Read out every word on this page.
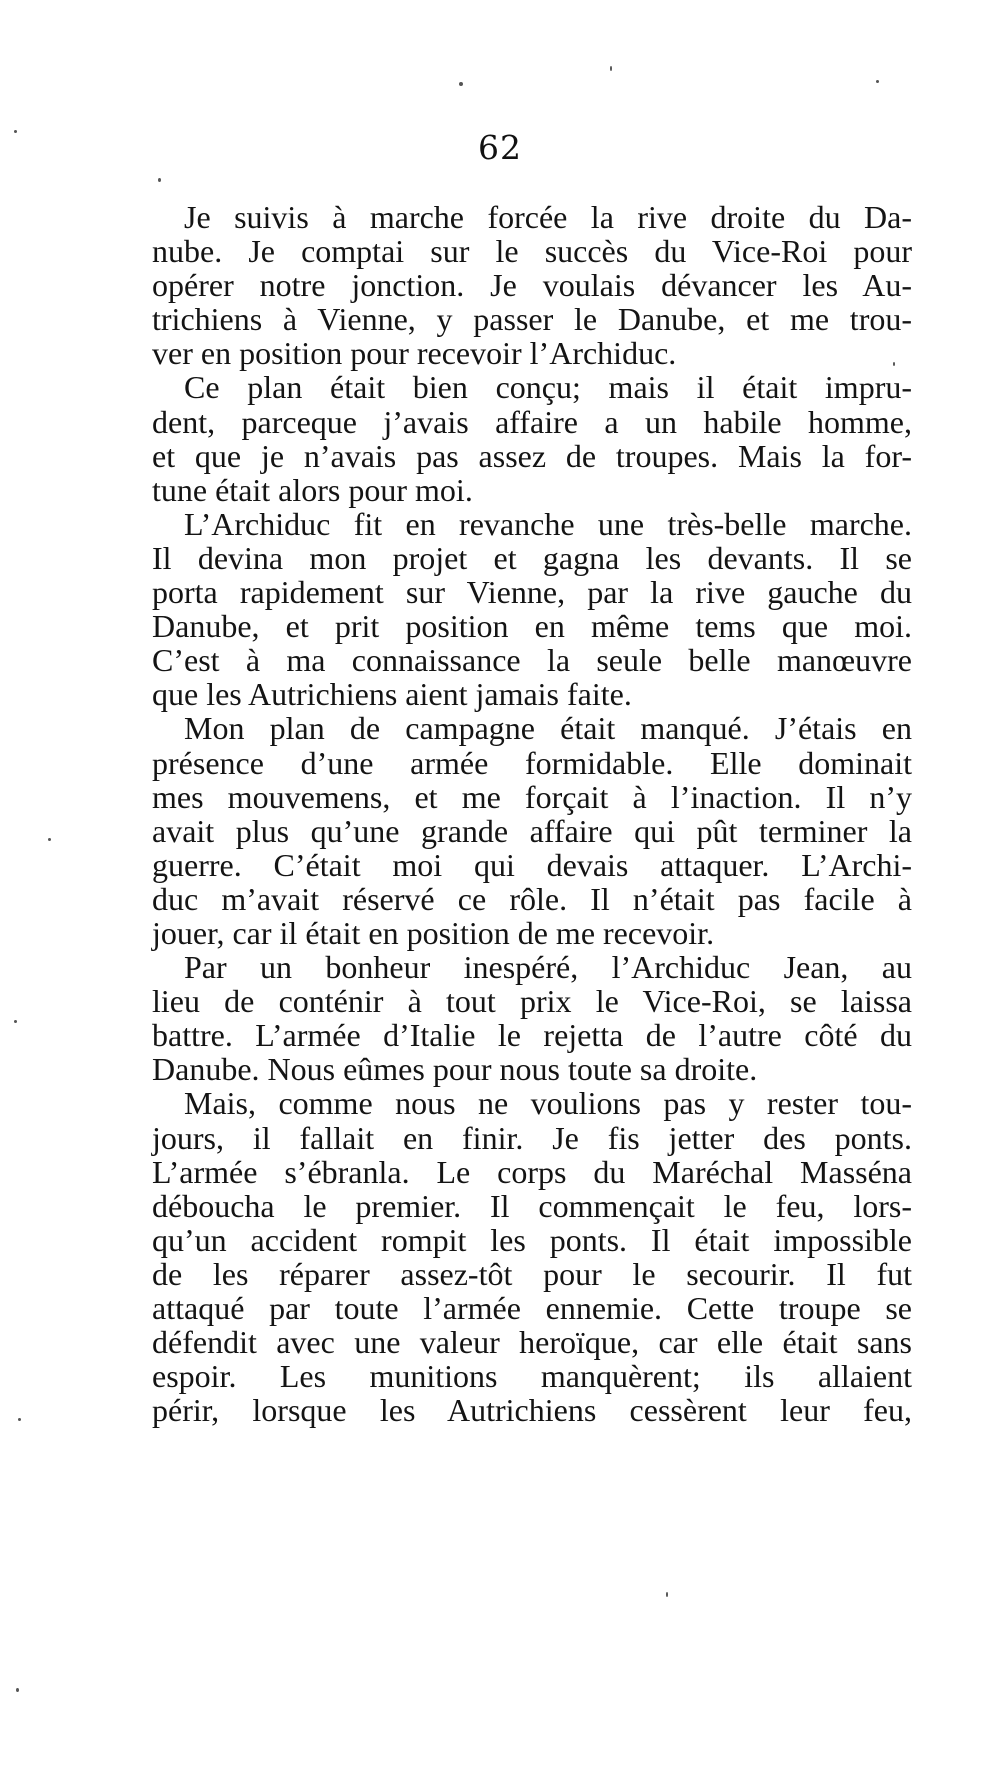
62
Je suivis à marche forcée la rive droite du Da-
nube. Je comptai sur le succès du Vice-Roi pour
opérer notre jonction. Je voulais dévancer les Au-
trichiens à Vienne, y passer le Danube, et me trou-
ver en position pour recevoir l’Archiduc.
Ce plan était bien conçu; mais il était impru-
dent, parceque j’avais affaire a un habile homme,
et que je n’avais pas assez de troupes. Mais la for-
tune était alors pour moi.
L’Archiduc fit en revanche une très-belle marche.
Il devina mon projet et gagna les devants. Il se
porta rapidement sur Vienne, par la rive gauche du
Danube, et prit position en même tems que moi.
C’est à ma connaissance la seule belle manœuvre
que les Autrichiens aient jamais faite.
Mon plan de campagne était manqué. J’étais en
présence d’une armée formidable. Elle dominait
mes mouvemens, et me forçait à l’inaction. Il n’y
avait plus qu’une grande affaire qui pût terminer la
guerre. C’était moi qui devais attaquer. L’Archi-
duc m’avait réservé ce rôle. Il n’était pas facile à
jouer, car il était en position de me recevoir.
Par un bonheur inespéré, l’Archiduc Jean, au
lieu de conténir à tout prix le Vice-Roi, se laissa
battre. L’armée d’Italie le rejetta de l’autre côté du
Danube. Nous eûmes pour nous toute sa droite.
Mais, comme nous ne voulions pas y rester tou-
jours, il fallait en finir. Je fis jetter des ponts.
L’armée s’ébranla. Le corps du Maréchal Masséna
déboucha le premier. Il commençait le feu, lors-
qu’un accident rompit les ponts. Il était impossible
de les réparer assez-tôt pour le secourir. Il fut
attaqué par toute l’armée ennemie. Cette troupe se
défendit avec une valeur heroïque, car elle était sans
espoir. Les munitions manquèrent; ils allaient
périr, lorsque les Autrichiens cessèrent leur feu,
